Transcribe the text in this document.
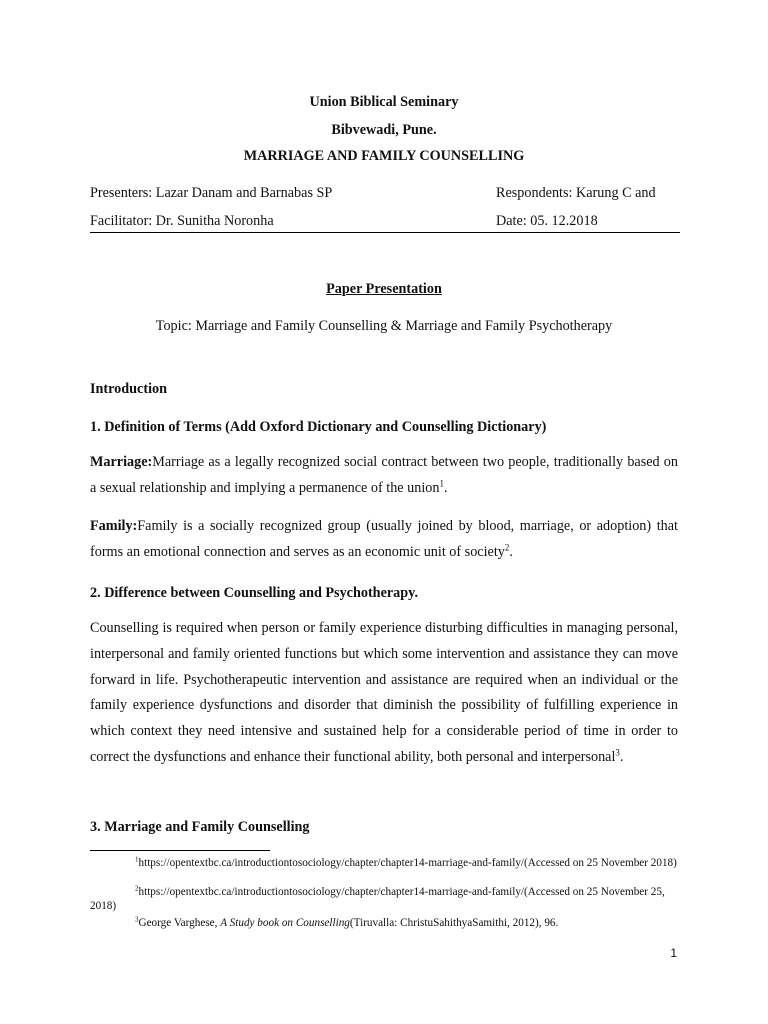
Union Biblical Seminary
Bibvewadi, Pune.
MARRIAGE AND FAMILY COUNSELLING
Presenters: Lazar Danam and Barnabas SP	Respondents: Karung C and
Facilitator: Dr. Sunitha Noronha	Date: 05. 12.2018
Paper Presentation
Topic: Marriage and Family Counselling & Marriage and Family Psychotherapy
Introduction
1. Definition of Terms (Add Oxford Dictionary and Counselling Dictionary)

Marriage:Marriage as a legally recognized social contract between two people, traditionally based on a sexual relationship and implying a permanence of the union$^1$.

Family:Family is a socially recognized group (usually joined by blood, marriage, or adoption) that forms an emotional connection and serves as an economic unit of society$^2$.

2. Difference between Counselling and Psychotherapy.

Counselling is required when person or family experience disturbing difficulties in managing personal, interpersonal and family oriented functions but which some intervention and assistance they can move forward in life. Psychotherapeutic intervention and assistance are required when an individual or the family experience dysfunctions and disorder that diminish the possibility of fulfilling experience in which context they need intensive and sustained help for a considerable period of time in order to correct the dysfunctions and enhance their functional ability, both personal and interpersonal$^3$.

3. Marriage and Family Counselling

$^1$https://opentextbc.ca/introductiontosociology/chapter/chapter14-marriage-and-family/(Accessed on 25 November 2018)

$^2$https://opentextbc.ca/introductiontosociology/chapter/chapter14-marriage-and-family/(Accessed on 25 November 25, 2018)

$^3$George Varghese, A Study book on Counselling(Tiruvalla: ChristuSahithyaSamithi, 2012), 96.

1
